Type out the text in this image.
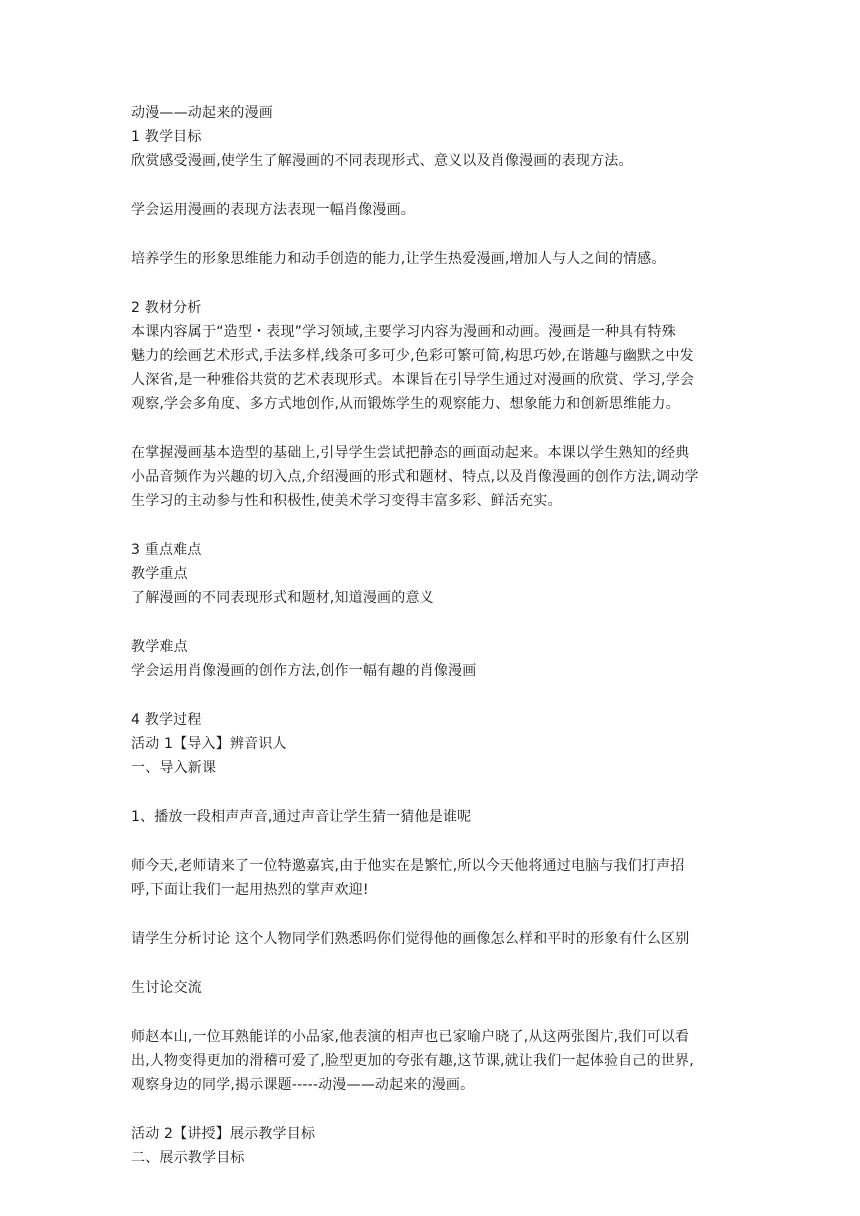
动漫——动起来的漫画
1 教学目标
欣赏感受漫画,使学生了解漫画的不同表现形式、意义以及肖像漫画的表现方法。
学会运用漫画的表现方法表现一幅肖像漫画。
培养学生的形象思维能力和动手创造的能力,让学生热爱漫画,增加人与人之间的情感。
2 教材分析
本课内容属于“造型・表现”学习领域,主要学习内容为漫画和动画。漫画是一种具有特殊
魅力的绘画艺术形式,手法多样,线条可多可少,色彩可繁可简,构思巧妙,在谐趣与幽默之中发
人深省,是一种雅俗共赏的艺术表现形式。本课旨在引导学生通过对漫画的欣赏、学习,学会
观察,学会多角度、多方式地创作,从而锻炼学生的观察能力、想象能力和创新思维能力。
在掌握漫画基本造型的基础上,引导学生尝试把静态的画面动起来。本课以学生熟知的经典
小品音频作为兴趣的切入点,介绍漫画的形式和题材、特点,以及肖像漫画的创作方法,调动学
生学习的主动参与性和积极性,使美术学习变得丰富多彩、鲜活充实。
3 重点难点
教学重点
了解漫画的不同表现形式和题材,知道漫画的意义
教学难点
学会运用肖像漫画的创作方法,创作一幅有趣的肖像漫画
4 教学过程
活动 1【导入】辨音识人
一、导入新课
1、播放一段相声声音,通过声音让学生猜一猜他是谁呢
师今天,老师请来了一位特邀嘉宾,由于他实在是繁忙,所以今天他将通过电脑与我们打声招
呼,下面让我们一起用热烈的掌声欢迎!
请学生分析讨论 这个人物同学们熟悉吗你们觉得他的画像怎么样和平时的形象有什么区别
生讨论交流
师赵本山,一位耳熟能详的小品家,他表演的相声也已家喻户晓了,从这两张图片,我们可以看
出,人物变得更加的滑稽可爱了,脸型更加的夸张有趣,这节课,就让我们一起体验自己的世界,
观察身边的同学,揭示课题-----动漫——动起来的漫画。
活动 2【讲授】展示教学目标
二、展示教学目标
